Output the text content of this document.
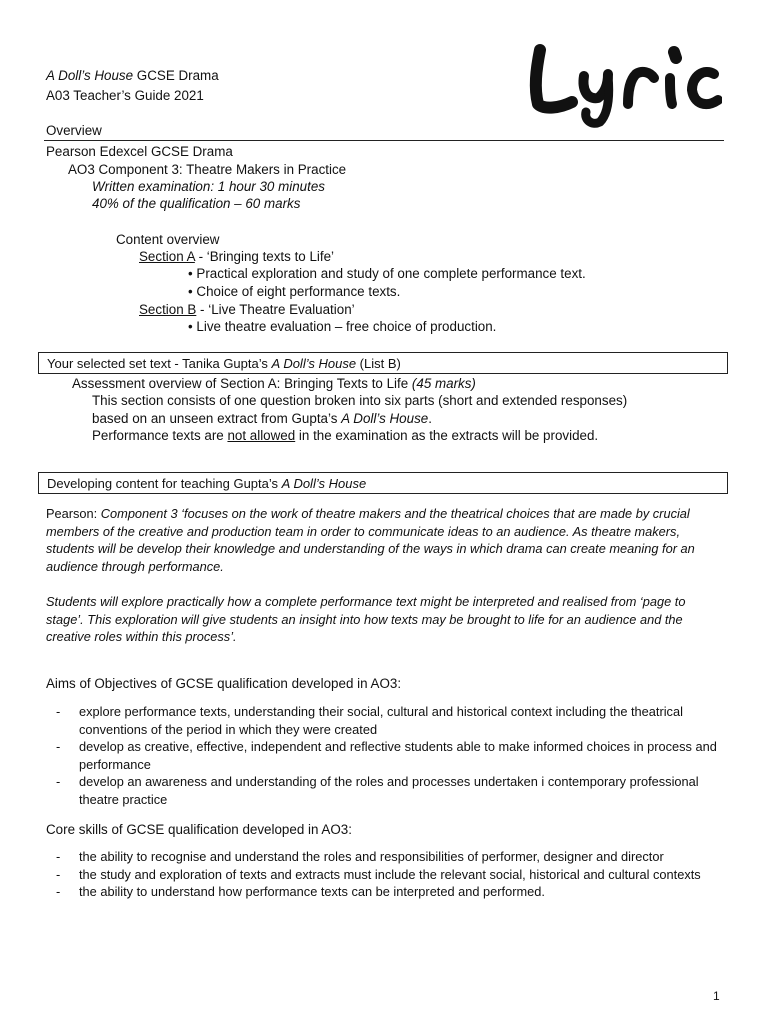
A Doll’s House GCSE Drama
A03 Teacher’s Guide 2021
Overview
Pearson Edexcel GCSE Drama
AO3 Component 3: Theatre Makers in Practice
Written examination: 1 hour 30 minutes
40% of the qualification – 60 marks
Content overview
Section A - ‘Bringing texts to Life’
• Practical exploration and study of one complete performance text.
• Choice of eight performance texts.
Section B - ‘Live Theatre Evaluation’
• Live theatre evaluation – free choice of production.
Your selected set text - Tanika Gupta’s A Doll’s House (List B)
Assessment overview of Section A: Bringing Texts to Life (45 marks)
This section consists of one question broken into six parts (short and extended responses)
based on an unseen extract from Gupta’s A Doll’s House.
Performance texts are not allowed in the examination as the extracts will be provided.
Developing content for teaching Gupta’s A Doll’s House
Pearson: Component 3 ‘focuses on the work of theatre makers and the theatrical choices that are made by crucial members of the creative and production team in order to communicate ideas to an audience. As theatre makers, students will be develop their knowledge and understanding of the ways in which drama can create meaning for an audience through performance.
Students will explore practically how a complete performance text might be interpreted and realised from ‘page to stage’. This exploration will give students an insight into how texts may be brought to life for an audience and the creative roles within this process’.
Aims of Objectives of GCSE qualification developed in AO3:
- explore performance texts, understanding their social, cultural and historical context including the theatrical conventions of the period in which they were created
- develop as creative, effective, independent and reflective students able to make informed choices in process and performance
- develop an awareness and understanding of the roles and processes undertaken i contemporary professional theatre practice
Core skills of GCSE qualification developed in AO3:
- the ability to recognise and understand the roles and responsibilities of performer, designer and director
- the study and exploration of texts and extracts must include the relevant social, historical and cultural contexts
- the ability to understand how performance texts can be interpreted and performed.
1
